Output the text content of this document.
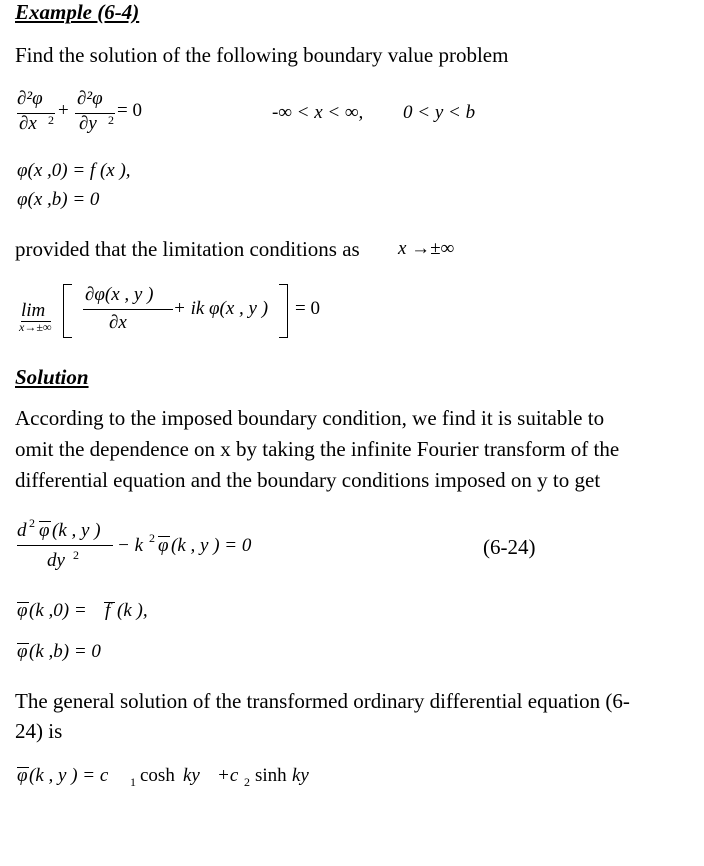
Example (6-4)
Find the solution of the following boundary value problem
∂²φ
∂x 2 +
∂²φ
∂y 2 = 0	-∞ < x < ∞, 0 < y < b
φ(x ,0) = f (x ),
φ(x ,b) = 0
provided that the limitation conditions as x →±∞
lim
x→±∞
∂φ(x , y )
∂x
+ ik φ(x , y ) = 0
Solution
According to the imposed boundary condition, we find it is suitable to
omit the dependence on x by taking the infinite Fourier transform of the
differential equation and the boundary conditions imposed on y to get
d 2 φ (k , y )
dy 2 − k 2 φ (k , y ) = 0	(6-24)
φ (k ,0) = f (k ),
φ (k ,b) = 0
The general solution of the transformed ordinary differential equation (6-
24) is
φ (k , y ) = c 1 cosh ky +c 2 sinh ky
